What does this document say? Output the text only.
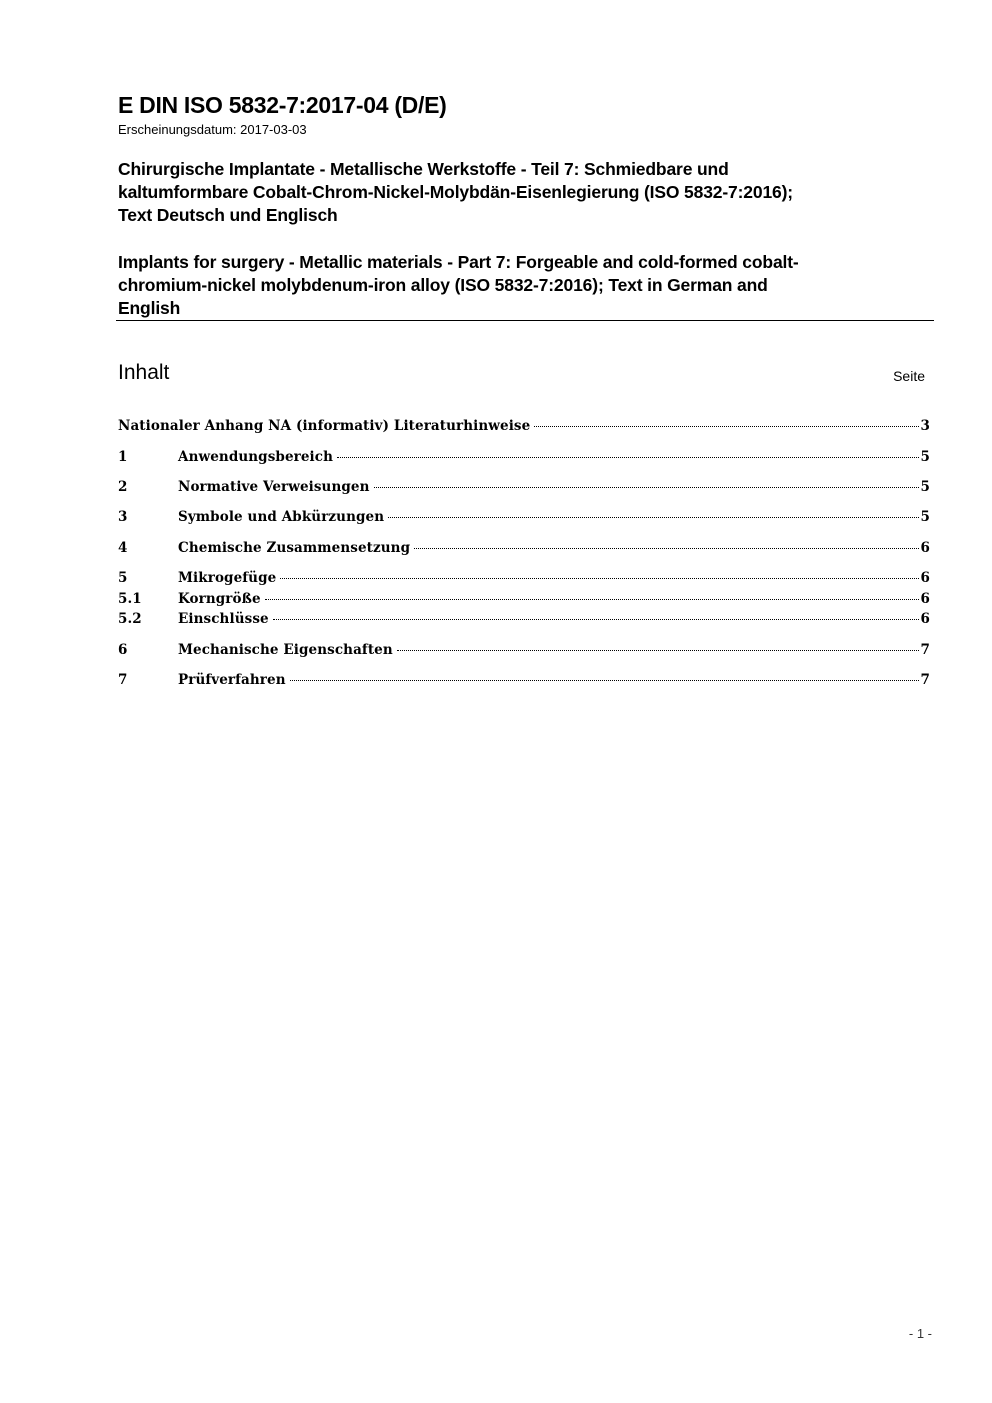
E DIN ISO 5832-7:2017-04 (D/E)
Erscheinungsdatum: 2017-03-03
Chirurgische Implantate - Metallische Werkstoffe - Teil 7: Schmiedbare und
kaltumformbare Cobalt-Chrom-Nickel-Molybdän-Eisenlegierung (ISO 5832-7:2016);
Text Deutsch und Englisch
Implants for surgery - Metallic materials - Part 7: Forgeable and cold-formed cobalt-
chromium-nickel molybdenum-iron alloy (ISO 5832-7:2016); Text in German and
English
Inhalt	Seite
Nationaler Anhang NA (informativ) Literaturhinweise	3
1	Anwendungsbereich	5
2	Normative Verweisungen	5
3	Symbole und Abkürzungen	5
4	Chemische Zusammensetzung	6
5	Mikrogefüge	6
5.1	Korngröße	6
5.2	Einschlüsse	6
6	Mechanische Eigenschaften	7
7	Prüfverfahren	7
- 1 -
